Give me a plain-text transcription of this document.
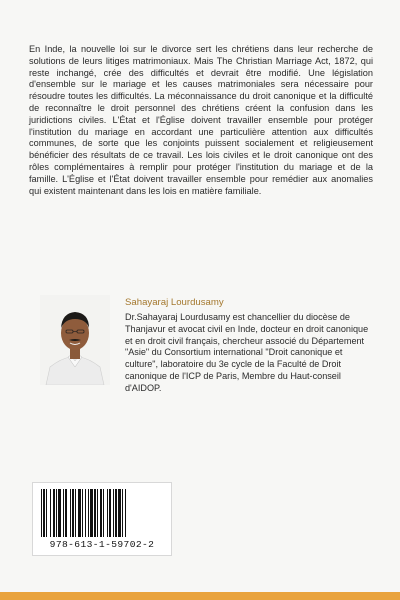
En Inde, la nouvelle loi sur le divorce sert les chrétiens dans leur recherche de solutions de leurs litiges matrimoniaux. Mais The Christian Marriage Act, 1872, qui reste inchangé, crée des difficultés et devrait être modifié. Une législation d'ensemble sur le mariage et les causes matrimoniales sera nécessaire pour résoudre toutes les difficultés. La méconnaissance du droit canonique et la difficulté de reconnaître le droit personnel des chrétiens créent la confusion dans les juridictions civiles. L'État et l'Église doivent travailler ensemble pour protéger l'institution du mariage en accordant une particulière attention aux difficultés communes, de sorte que les conjoints puissent socialement et religieusement bénéficier des résultats de ce travail. Les lois civiles et le droit canonique ont des rôles complémentaires à remplir pour protéger l'institution du mariage et de la famille. L'Église et l'État doivent travailler ensemble pour remédier aux anomalies qui existent maintenant dans les lois en matière familiale.
Sahayaraj Lourdusamy
Dr.Sahayaraj Lourdusamy est chancellier du diocèse de Thanjavur et avocat civil en Inde, docteur en droit canonique et en droit civil français, chercheur associé du Département "Asie" du Consortium international "Droit canonique et culture", laboratoire du 3e cycle de la Faculté de Droit canonique de l'ICP de Paris, Membre du Haut-conseil d'AIDOP.
978-613-1-59702-2
